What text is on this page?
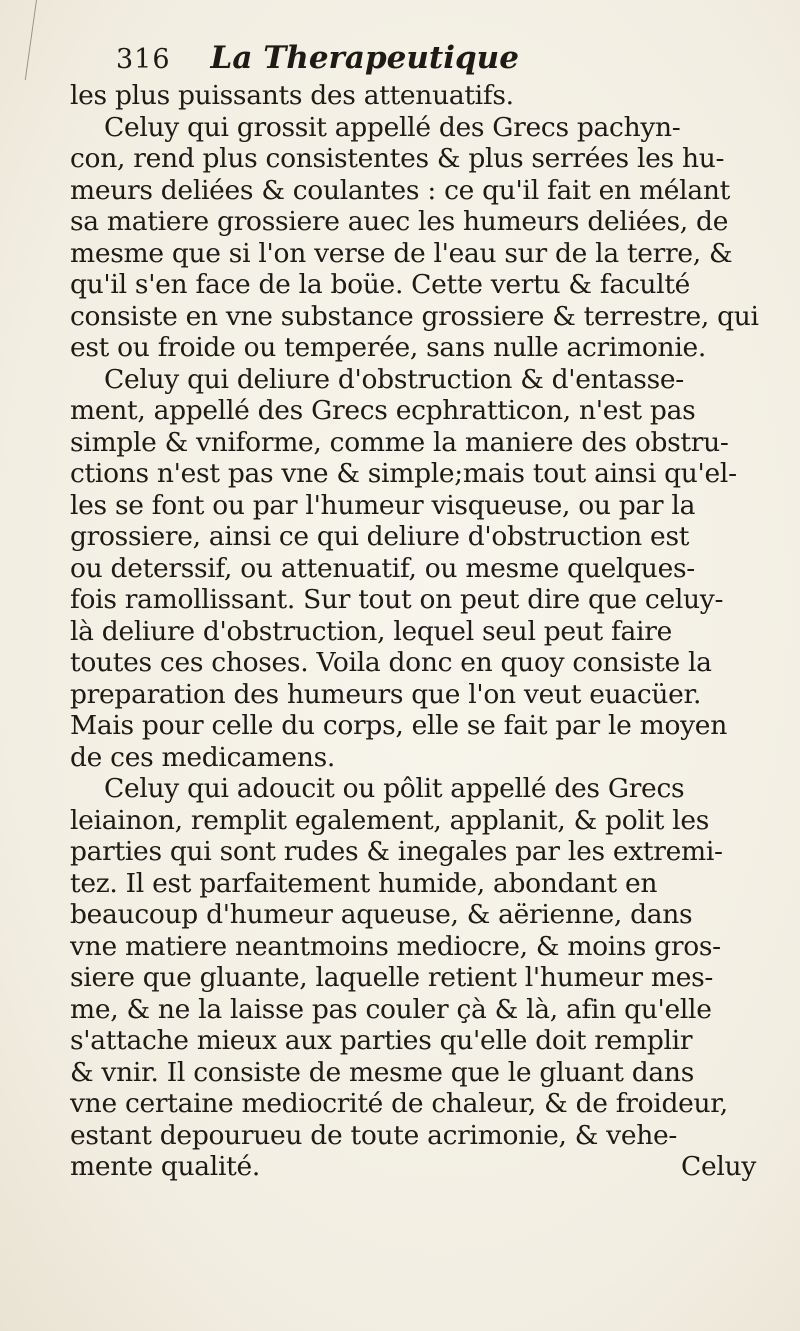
316 La Therapeutique
les plus puissants des attenuatifs.
Celuy qui grossit appellé des Grecs pachyn-
con, rend plus consistentes & plus serrées les hu-
meurs deliées & coulantes : ce qu'il fait en mélant
sa matiere grossiere auec les humeurs deliées, de
mesme que si l'on verse de l'eau sur de la terre, &
qu'il s'en face de la boüe. Cette vertu & faculté
consiste en vne substance grossiere & terrestre, qui
est ou froide ou temperée, sans nulle acrimonie.
Celuy qui deliure d'obstruction & d'entasse-
ment, appellé des Grecs ecphratticon, n'est pas
simple & vniforme, comme la maniere des obstru-
ctions n'est pas vne & simple;mais tout ainsi qu'el-
les se font ou par l'humeur visqueuse, ou par la
grossiere, ainsi ce qui deliure d'obstruction est
ou deterssif, ou attenuatif, ou mesme quelques-
fois ramollissant. Sur tout on peut dire que celuy-
là deliure d'obstruction, lequel seul peut faire
toutes ces choses. Voila donc en quoy consiste la
preparation des humeurs que l'on veut euacüer.
Mais pour celle du corps, elle se fait par le moyen
de ces medicamens.
Celuy qui adoucit ou pôlit appellé des Grecs
leiainon, remplit egalement, applanit, & polit les
parties qui sont rudes & inegales par les extremi-
tez. Il est parfaitement humide, abondant en
beaucoup d'humeur aqueuse, & aërienne, dans
vne matiere neantmoins mediocre, & moins gros-
siere que gluante, laquelle retient l'humeur mes-
me, & ne la laisse pas couler çà & là, afin qu'elle
s'attache mieux aux parties qu'elle doit remplir
& vnir. Il consiste de mesme que le gluant dans
vne certaine mediocrité de chaleur, & de froideur,
estant depourueu de toute acrimonie, & vehe-
mente qualité.	Celuy
